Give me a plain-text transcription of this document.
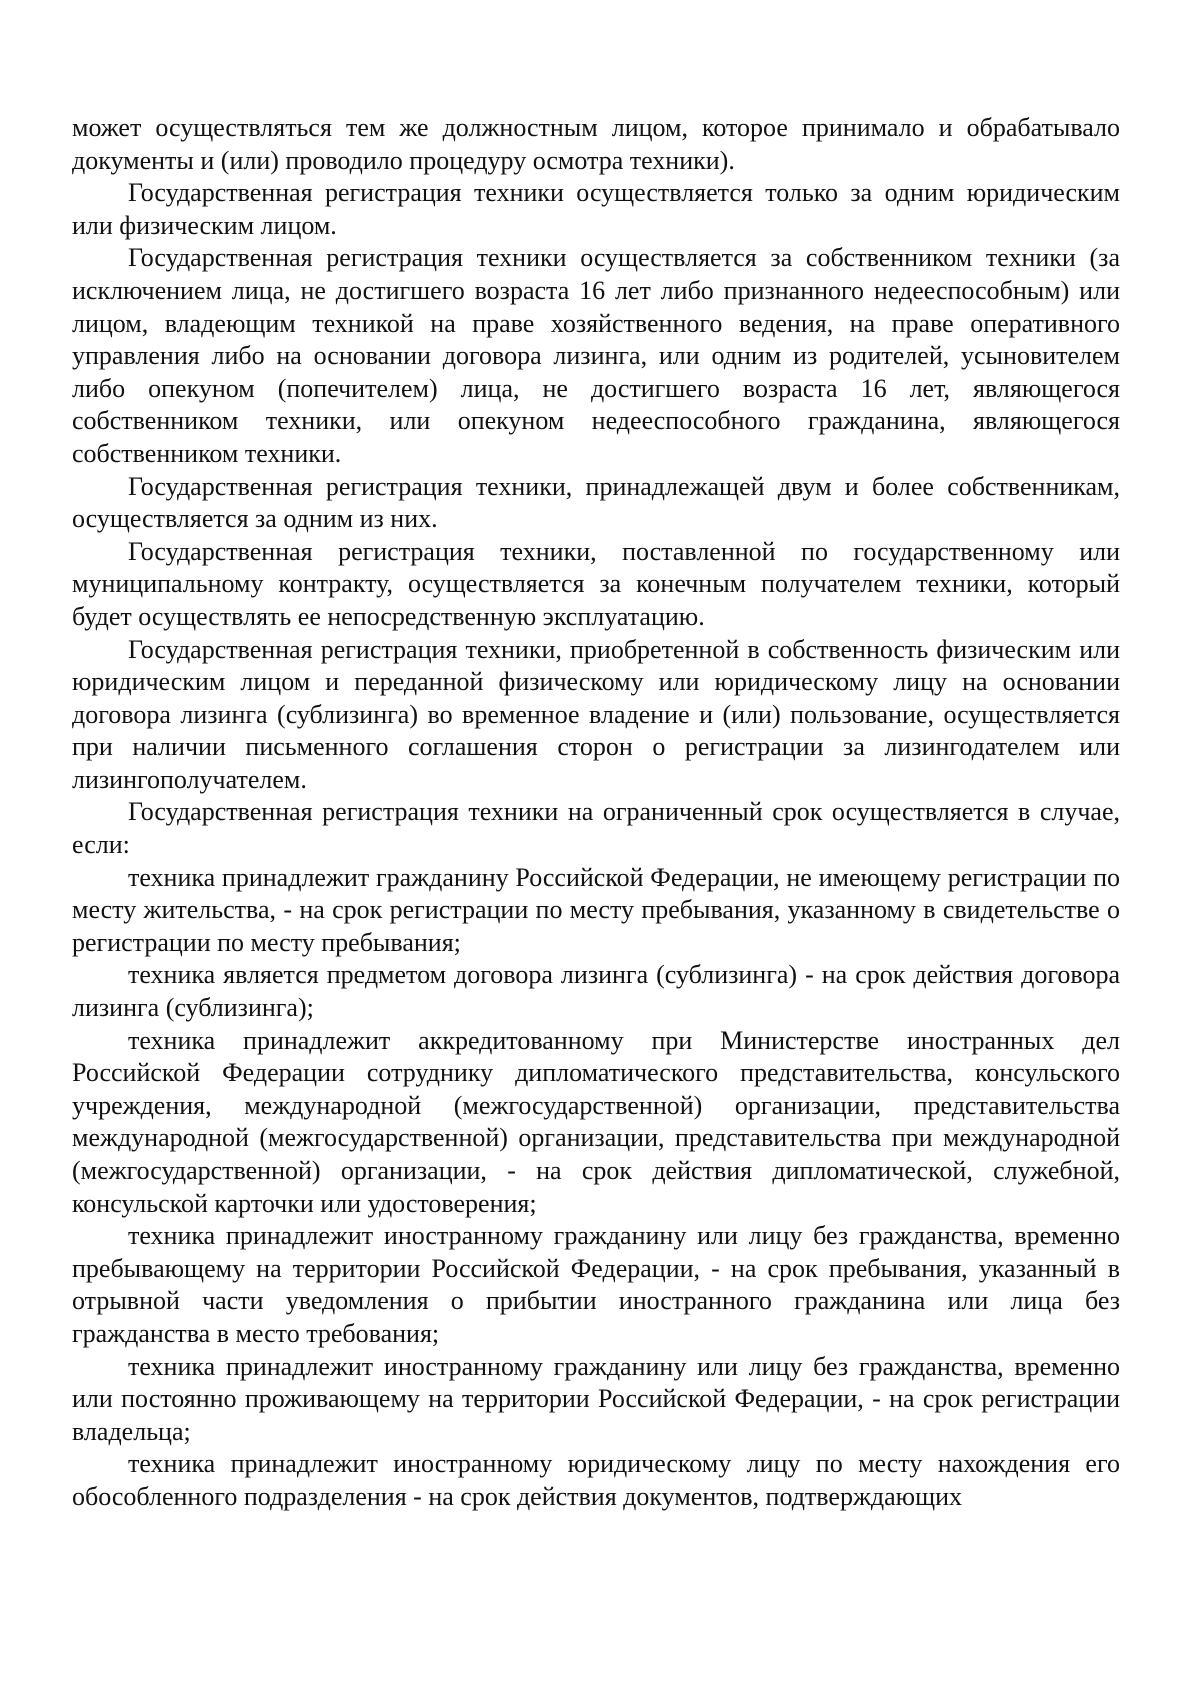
может осуществляться тем же должностным лицом, которое принимало и обрабатывало документы и (или) проводило процедуру осмотра техники).

Государственная регистрация техники осуществляется только за одним юридическим или физическим лицом.

Государственная регистрация техники осуществляется за собственником техники (за исключением лица, не достигшего возраста 16 лет либо признанного недееспособным) или лицом, владеющим техникой на праве хозяйственного ведения, на праве оперативного управления либо на основании договора лизинга, или одним из родителей, усыновителем либо опекуном (попечителем) лица, не достигшего возраста 16 лет, являющегося собственником техники, или опекуном недееспособного гражданина, являющегося собственником техники.

Государственная регистрация техники, принадлежащей двум и более собственникам, осуществляется за одним из них.

Государственная регистрация техники, поставленной по государственному или муниципальному контракту, осуществляется за конечным получателем техники, который будет осуществлять ее непосредственную эксплуатацию.

Государственная регистрация техники, приобретенной в собственность физическим или юридическим лицом и переданной физическому или юридическому лицу на основании договора лизинга (сублизинга) во временное владение и (или) пользование, осуществляется при наличии письменного соглашения сторон о регистрации за лизингодателем или лизингополучателем.

Государственная регистрация техники на ограниченный срок осуществляется в случае, если:

техника принадлежит гражданину Российской Федерации, не имеющему регистрации по месту жительства, - на срок регистрации по месту пребывания, указанному в свидетельстве о регистрации по месту пребывания;

техника является предметом договора лизинга (сублизинга) - на срок действия договора лизинга (сублизинга);

техника принадлежит аккредитованному при Министерстве иностранных дел Российской Федерации сотруднику дипломатического представительства, консульского учреждения, международной (межгосударственной) организации, представительства международной (межгосударственной) организации, представительства при международной (межгосударственной) организации, - на срок действия дипломатической, служебной, консульской карточки или удостоверения;

техника принадлежит иностранному гражданину или лицу без гражданства, временно пребывающему на территории Российской Федерации, - на срок пребывания, указанный в отрывной части уведомления о прибытии иностранного гражданина или лица без гражданства в место требования;

техника принадлежит иностранному гражданину или лицу без гражданства, временно или постоянно проживающему на территории Российской Федерации, - на срок регистрации владельца;

техника принадлежит иностранному юридическому лицу по месту нахождения его обособленного подразделения - на срок действия документов, подтверждающих
